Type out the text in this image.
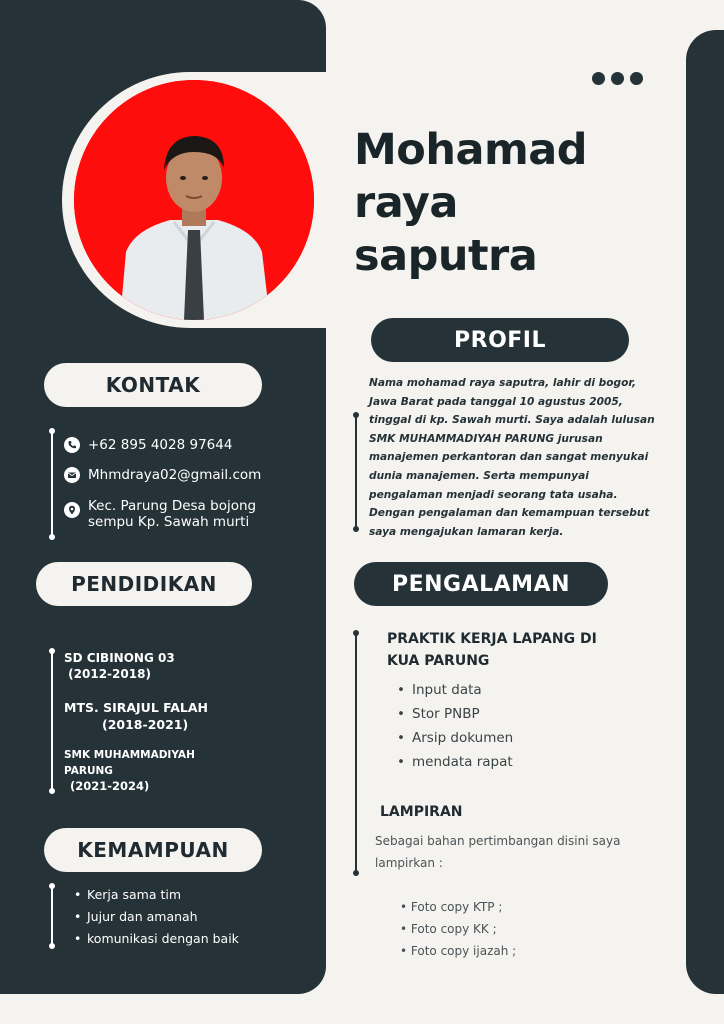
Mohamad
raya
saputra
KONTAK
+62 895 4028 97644
Mhmdraya02@gmail.com
Kec. Parung Desa bojong
sempu Kp. Sawah murti
PENDIDIKAN
SD CIBINONG 03
(2012-2018)
MTS. SIRAJUL FALAH
(2018-2021)
SMK MUHAMMADIYAH
PARUNG
(2021-2024)
KEMAMPUAN
• Kerja sama tim
• Jujur dan amanah
• komunikasi dengan baik
PROFIL
Nama mohamad raya saputra, lahir di bogor, Jawa Barat pada tanggal 10 agustus 2005, tinggal di kp. Sawah murti. Saya adalah lulusan SMK MUHAMMADIYAH PARUNG jurusan manajemen perkantoran dan sangat menyukai dunia manajemen. Serta mempunyai pengalaman menjadi seorang tata usaha. Dengan pengalaman dan kemampuan tersebut saya mengajukan lamaran kerja.
PENGALAMAN
PRAKTIK KERJA LAPANG DI
KUA PARUNG
• Input data
• Stor PNBP
• Arsip dokumen
• mendata rapat
LAMPIRAN
Sebagai bahan pertimbangan disini saya lampirkan :
• Foto copy KTP ;
• Foto copy KK ;
• Foto copy ijazah ;
